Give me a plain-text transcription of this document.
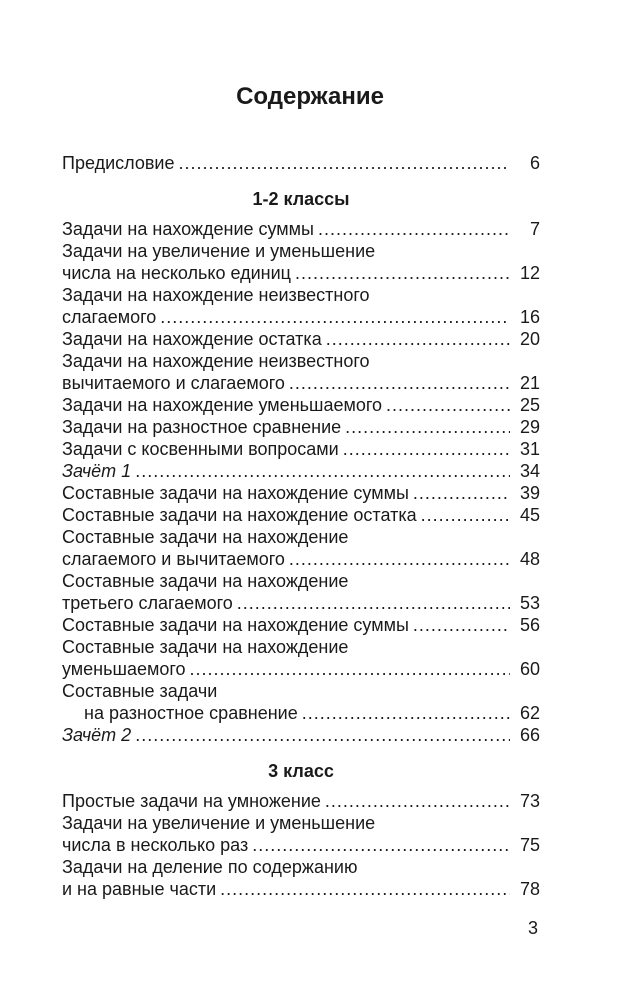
Содержание
Предисловие .....	6
1-2 классы
Задачи на нахождение суммы .....	7
Задачи на увеличение и уменьшение
числа на несколько единиц .....	12
Задачи на нахождение неизвестного
слагаемого .....	16
Задачи на нахождение остатка .....	20
Задачи на нахождение неизвестного
вычитаемого и слагаемого .....	21
Задачи на нахождение уменьшаемого .....	25
Задачи на разностное сравнение .....	29
Задачи с косвенными вопросами .....	31
Зачёт 1 .....	34
Составные задачи на нахождение суммы .....	39
Составные задачи на нахождение остатка .....	45
Составные задачи на нахождение
слагаемого и вычитаемого .....	48
Составные задачи на нахождение
третьего слагаемого .....	53
Составные задачи на нахождение суммы .....	56
Составные задачи на нахождение
уменьшаемого .....	60
Составные задачи
на разностное сравнение .....	62
Зачёт 2 .....	66
3 класс
Простые задачи на умножение .....	73
Задачи на увеличение и уменьшение
числа в несколько раз .....	75
Задачи на деление по содержанию
и на равные части .....	78
3
